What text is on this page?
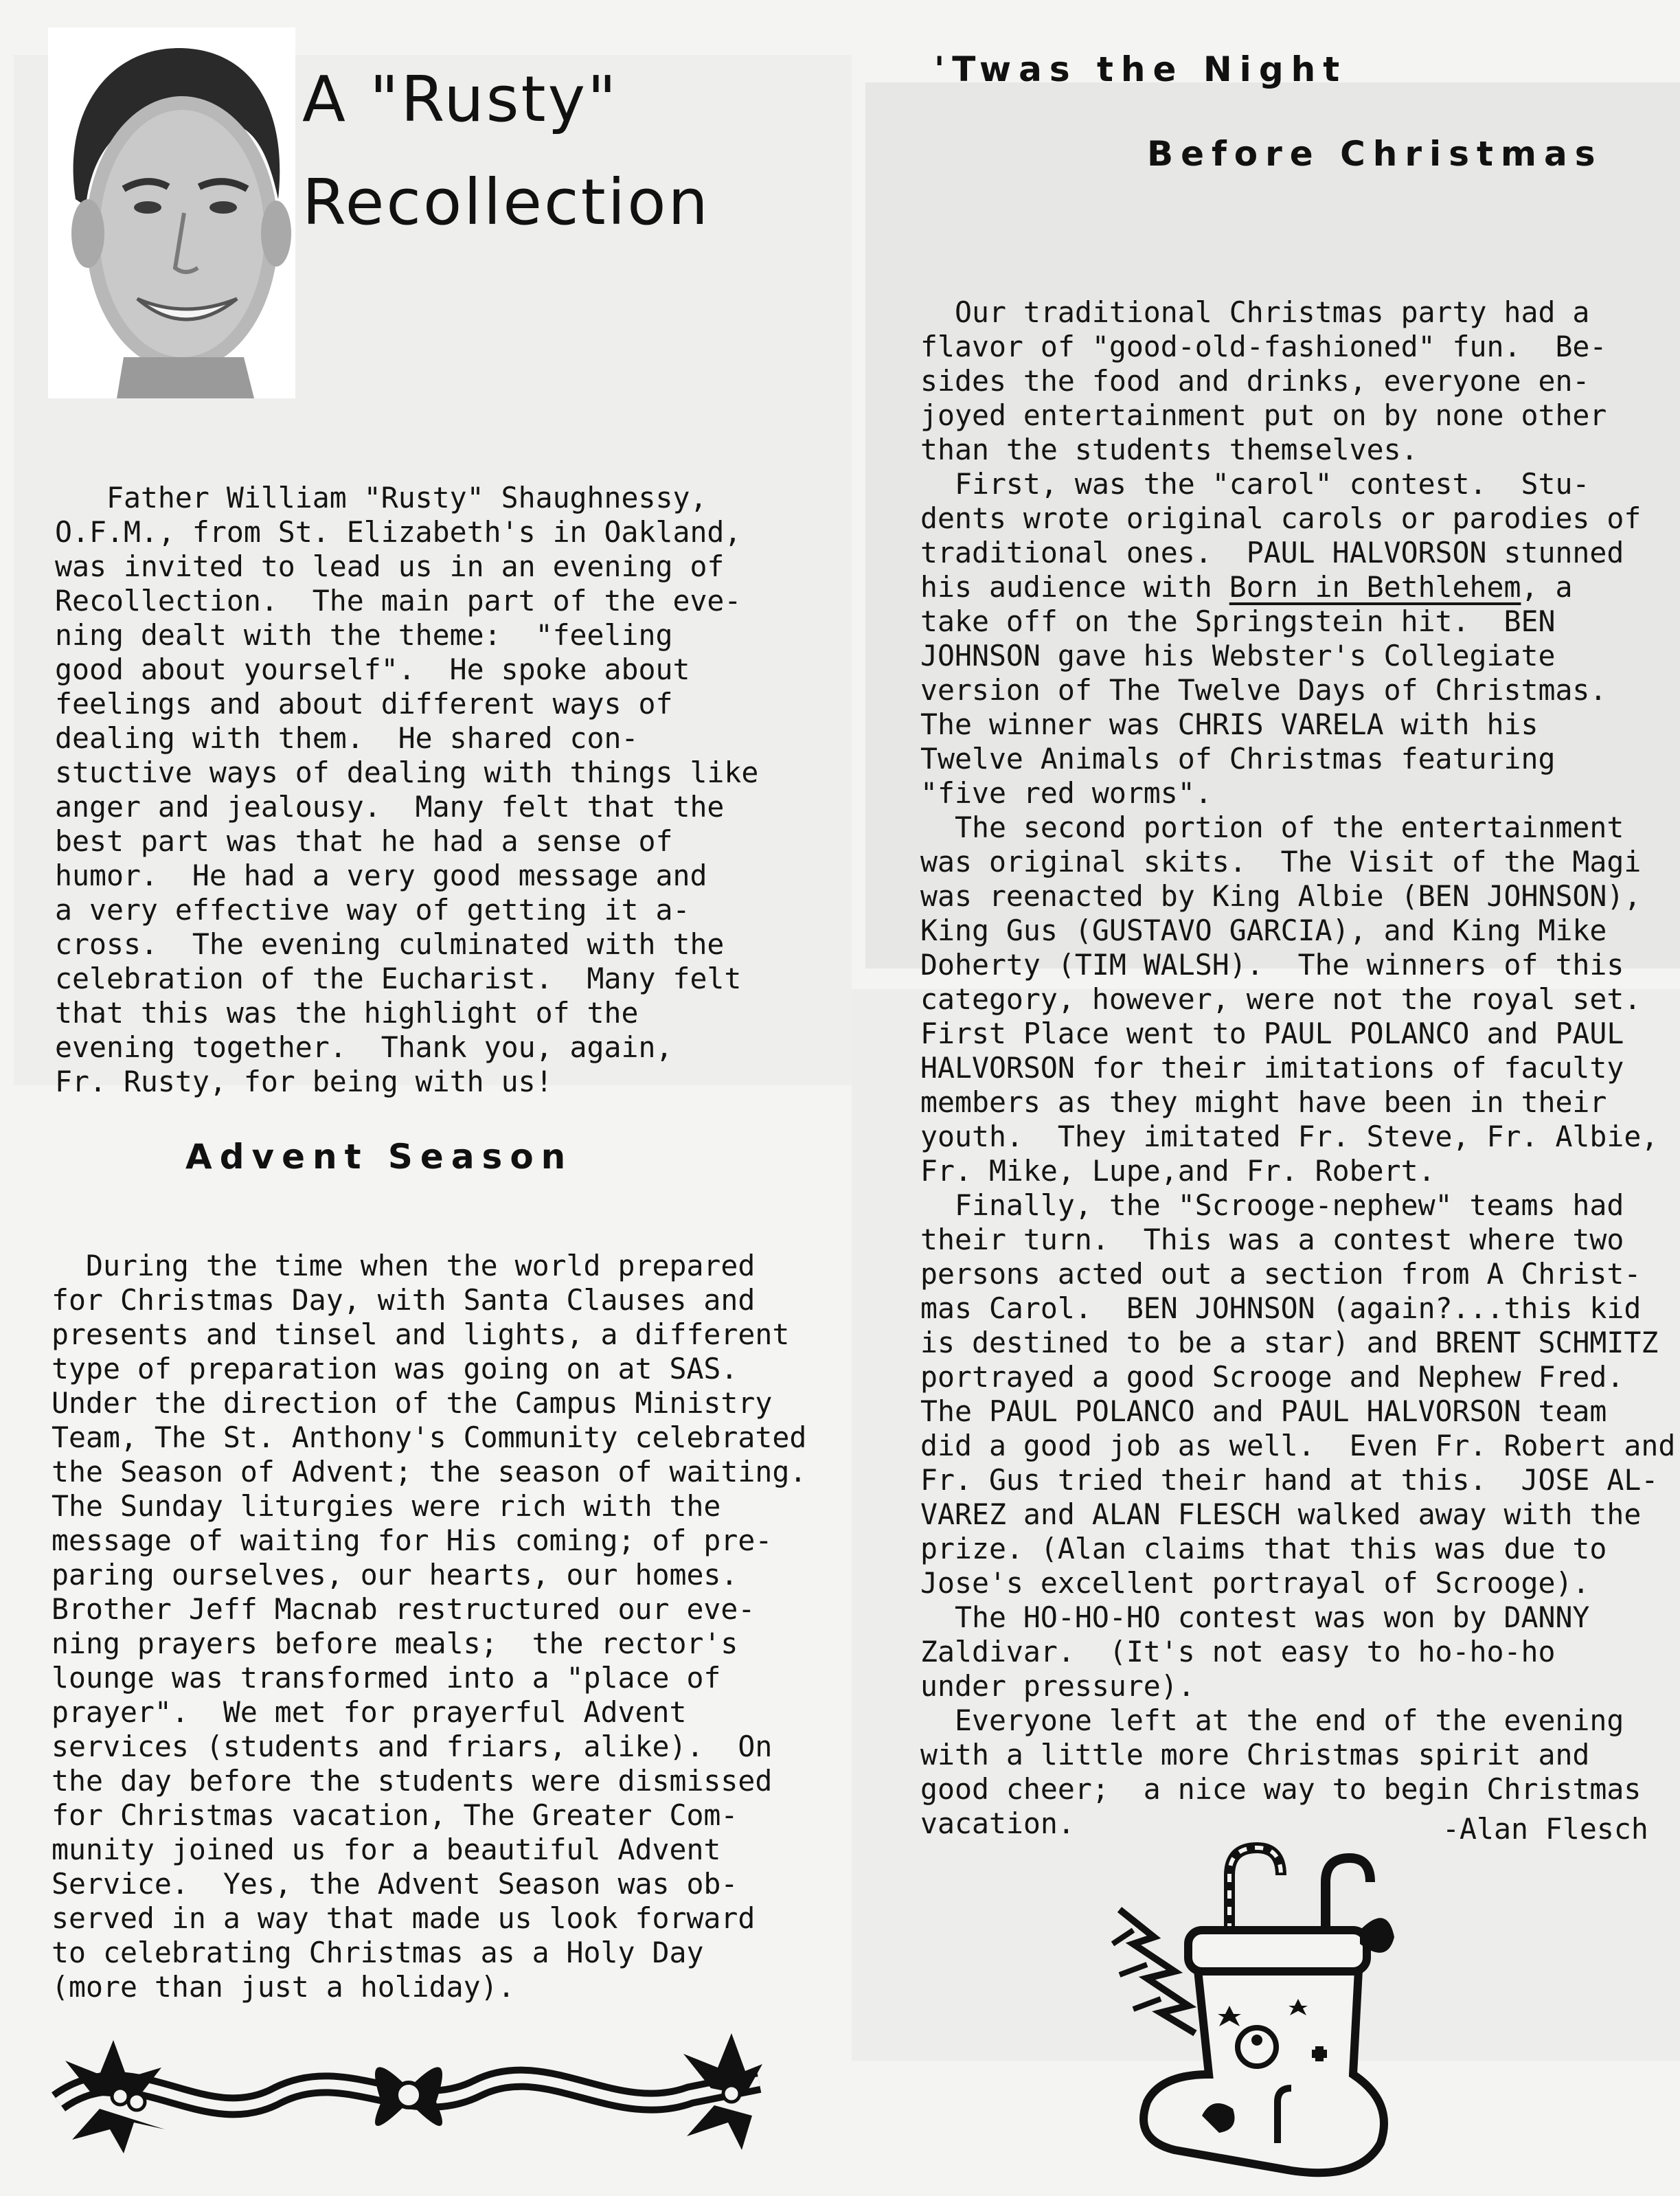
A "Rusty"
Recollection

Father William "Rusty" Shaughnessy,
O.F.M., from St. Elizabeth's in Oakland,
was invited to lead us in an evening of
Recollection.  The main part of the eve-
ning dealt with the theme:  "feeling
good about yourself".  He spoke about
feelings and about different ways of
dealing with them.  He shared con-
stuctive ways of dealing with things like
anger and jealousy.  Many felt that the
best part was that he had a sense of
humor.  He had a very good message and
a very effective way of getting it a-
cross.  The evening culminated with the
celebration of the Eucharist.  Many felt
that this was the highlight of the
evening together.  Thank you, again,
Fr. Rusty, for being with us!
Advent Season

During the time when the world prepared
for Christmas Day, with Santa Clauses and
presents and tinsel and lights, a different
type of preparation was going on at SAS.
Under the direction of the Campus Ministry
Team, The St. Anthony's Community celebrated
the Season of Advent; the season of waiting.
The Sunday liturgies were rich with the
message of waiting for His coming; of pre-
paring ourselves, our hearts, our homes.
Brother Jeff Macnab restructured our eve-
ning prayers before meals;  the rector's
lounge was transformed into a "place of
prayer".  We met for prayerful Advent
services (students and friars, alike).  On
the day before the students were dismissed
for Christmas vacation, The Greater Com-
munity joined us for a beautiful Advent
Service.  Yes, the Advent Season was ob-
served in a way that made us look forward
to celebrating Christmas as a Holy Day
(more than just a holiday).
'Twas the Night
Before Christmas

Our traditional Christmas party had a
flavor of "good-old-fashioned" fun.  Be-
sides the food and drinks, everyone en-
joyed entertainment put on by none other
than the students themselves.
First, was the "carol" contest.  Stu-
dents wrote original carols or parodies of
traditional ones.  PAUL HALVORSON stunned
his audience with Born in Bethlehem, a
take off on the Springstein hit.  BEN
JOHNSON gave his Webster's Collegiate
version of The Twelve Days of Christmas.
The winner was CHRIS VARELA with his
Twelve Animals of Christmas featuring
"five red worms".
The second portion of the entertainment
was original skits.  The Visit of the Magi
was reenacted by King Albie (BEN JOHNSON),
King Gus (GUSTAVO GARCIA), and King Mike
Doherty (TIM WALSH).  The winners of this
category, however, were not the royal set.
First Place went to PAUL POLANCO and PAUL
HALVORSON for their imitations of faculty
members as they might have been in their
youth.  They imitated Fr. Steve, Fr. Albie,
Fr. Mike, Lupe,and Fr. Robert.
Finally, the "Scrooge-nephew" teams had
their turn.  This was a contest where two
persons acted out a section from A Christ-
mas Carol.  BEN JOHNSON (again?...this kid
is destined to be a star) and BRENT SCHMITZ
portrayed a good Scrooge and Nephew Fred.
The PAUL POLANCO and PAUL HALVORSON team
did a good job as well.  Even Fr. Robert and
Fr. Gus tried their hand at this.  JOSE AL-
VAREZ and ALAN FLESCH walked away with the
prize. (Alan claims that this was due to
Jose's excellent portrayal of Scrooge).
The HO-HO-HO contest was won by DANNY
Zaldivar.  (It's not easy to ho-ho-ho
under pressure).
Everyone left at the end of the evening
with a little more Christmas spirit and
good cheer;  a nice way to begin Christmas
vacation.	-Alan Flesch
